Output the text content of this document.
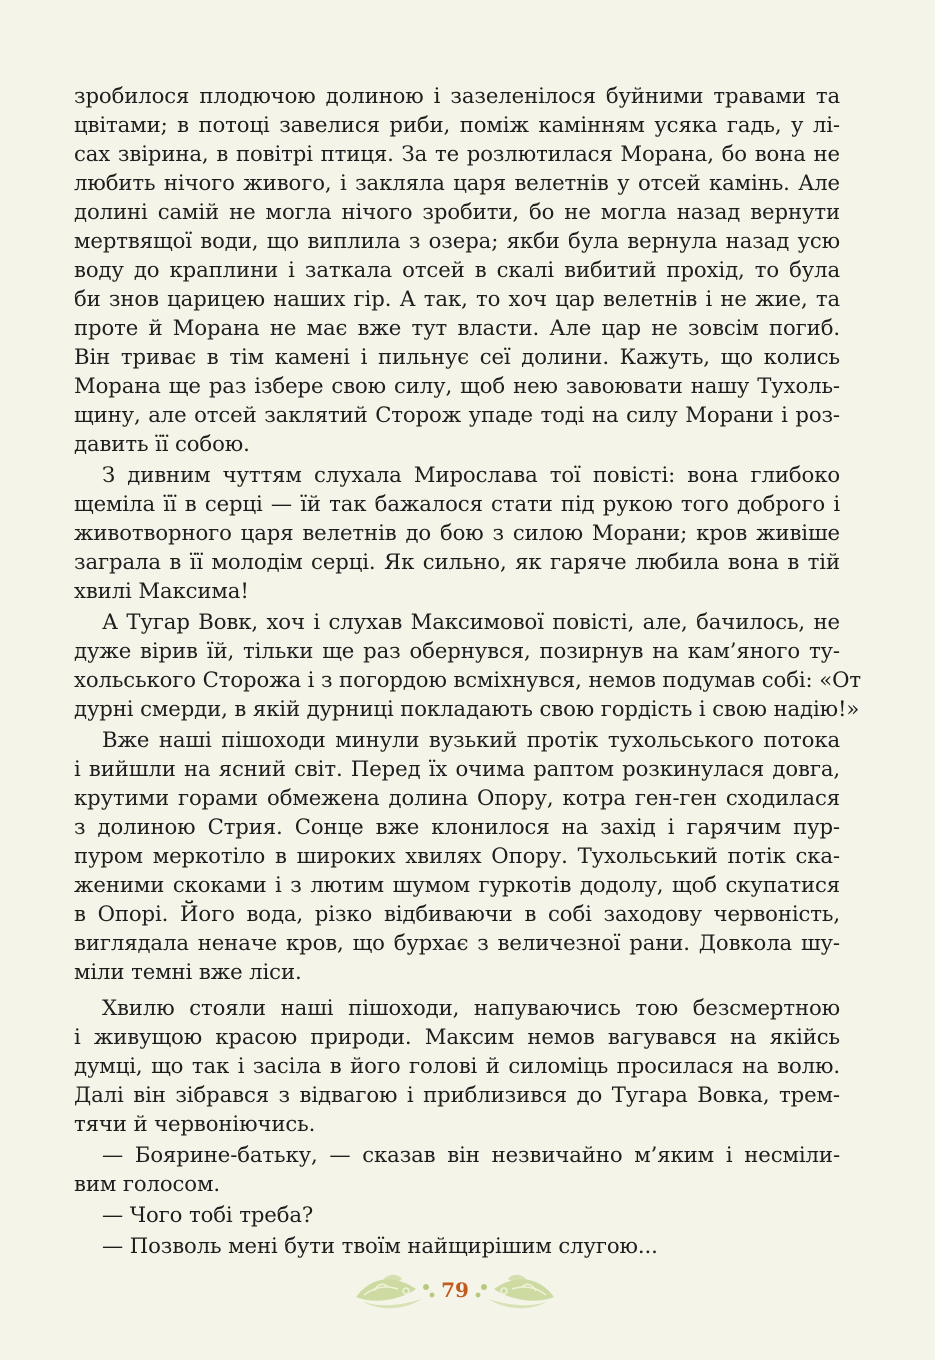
зробилося плодючою долиною і зазеленілося буйними травами та
цвітами; в потоці завелися риби, поміж камінням усяка гадь, у лі-
сах звірина, в повітрі птиця. За те розлютилася Морана, бо вона не
любить нічого живого, і закляла царя велетнів у отсей камінь. Але
долині самій не могла нічого зробити, бо не могла назад вернути
мертвящої води, що виплила з озера; якби була вернула назад усю
воду до краплини і заткала отсей в скалі вибитий прохід, то була
би знов царицею наших гір. А так, то хоч цар велетнів і не жие, та
проте й Морана не має вже тут власти. Але цар не зовсім погиб.
Він триває в тім камені і пильнує сеї долини. Кажуть, що колись
Морана ще раз ізбере свою силу, щоб нею завоювати нашу Тухоль-
щину, але отсей заклятий Сторож упаде тоді на силу Морани і роз-
давить її собою.
З дивним чуттям слухала Мирослава тої повісті: вона глибоко
щеміла її в серці — їй так бажалося стати під рукою того доброго і
животворного царя велетнів до бою з силою Морани; кров живіше
заграла в її молодім серці. Як сильно, як гаряче любила вона в тій
хвилі Максима!
А Тугар Вовк, хоч і слухав Максимової повісті, але, бачилось, не
дуже вірив їй, тільки ще раз обернувся, позирнув на кам’яного ту-
хольського Сторожа і з погордою всміхнувся, немов подумав собі: «От
дурні смерди, в якій дурниці покладають свою гордість і свою надію!»
Вже наші пішоходи минули вузький протік тухольського потока
і вийшли на ясний світ. Перед їх очима раптом розкинулася довга,
крутими горами обмежена долина Опору, котра ген-ген сходилася
з долиною Стрия. Сонце вже клонилося на захід і гарячим пур-
пуром меркотіло в широких хвилях Опору. Тухольський потік ска-
женими скоками і з лютим шумом гуркотів додолу, щоб скупатися
в Опорі. Його вода, різко відбиваючи в собі заходову червоність,
виглядала неначе кров, що бурхає з величезної рани. Довкола шу-
міли темні вже ліси.
Хвилю стояли наші пішоходи, напуваючись тою безсмертною
і живущою красою природи. Максим немов вагувався на якійсь
думці, що так і засіла в його голові й силоміць просилася на волю.
Далі він зібрався з відвагою і приблизився до Тугара Вовка, трем-
тячи й червоніючись.
— Боярине-батьку, — сказав він незвичайно м’яким і несміли-
вим голосом.
— Чого тобі треба?
— Позволь мені бути твоїм найщирішим слугою...
79
